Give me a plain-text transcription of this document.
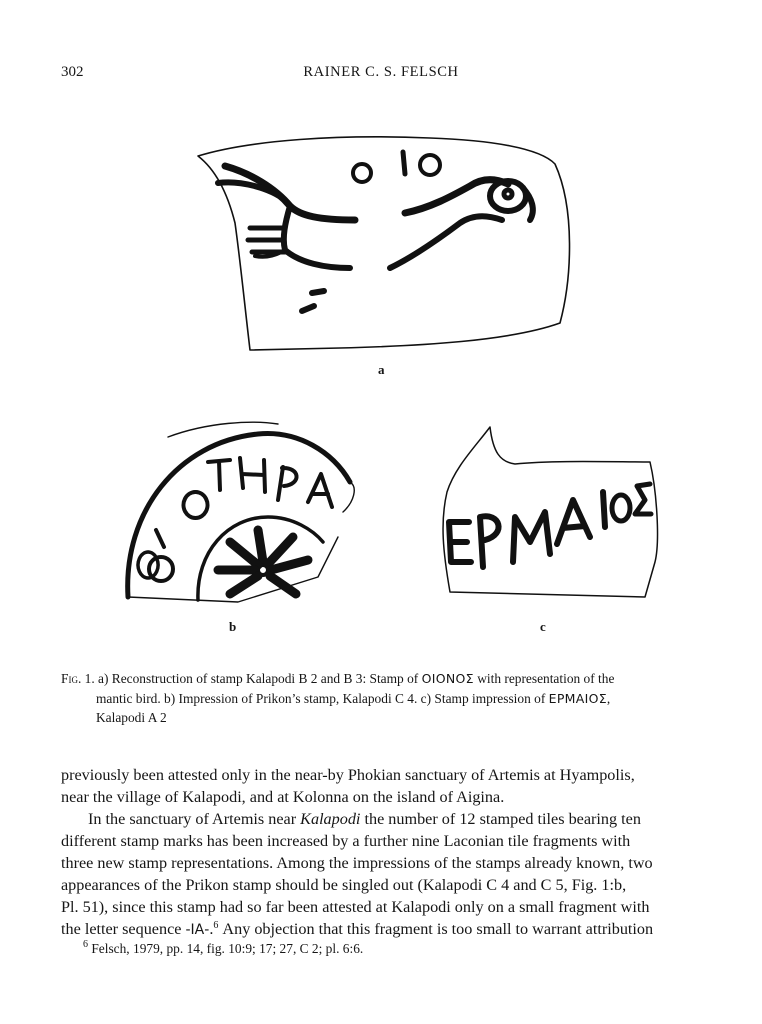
302	RAINER C. S. FELSCH
a
b	c
Fig. 1. a) Reconstruction of stamp Kalapodi B 2 and B 3: Stamp of ΟΙΟΝΟΣ with representation of the
mantic bird. b) Impression of Prikon’s stamp, Kalapodi C 4. c) Stamp impression of ΕΡΜΑΙΟΣ,
Kalapodi A 2
previously been attested only in the near-by Phokian sanctuary of Artemis at Hyampolis,
near the village of Kalapodi, and at Kolonna on the island of Aigina.
In the sanctuary of Artemis near Kalapodi the number of 12 stamped tiles bearing ten
different stamp marks has been increased by a further nine Laconian tile fragments with
three new stamp representations. Among the impressions of the stamps already known, two
appearances of the Prikon stamp should be singled out (Kalapodi C 4 and C 5, Fig. 1:b,
Pl. 51), since this stamp had so far been attested at Kalapodi only on a small fragment with
the letter sequence -ΙΑ-.$^6$ Any objection that this fragment is too small to warrant attribution
$^6$ Felsch, 1979, pp. 14, fig. 10:9; 17; 27, C 2; pl. 6:6.
